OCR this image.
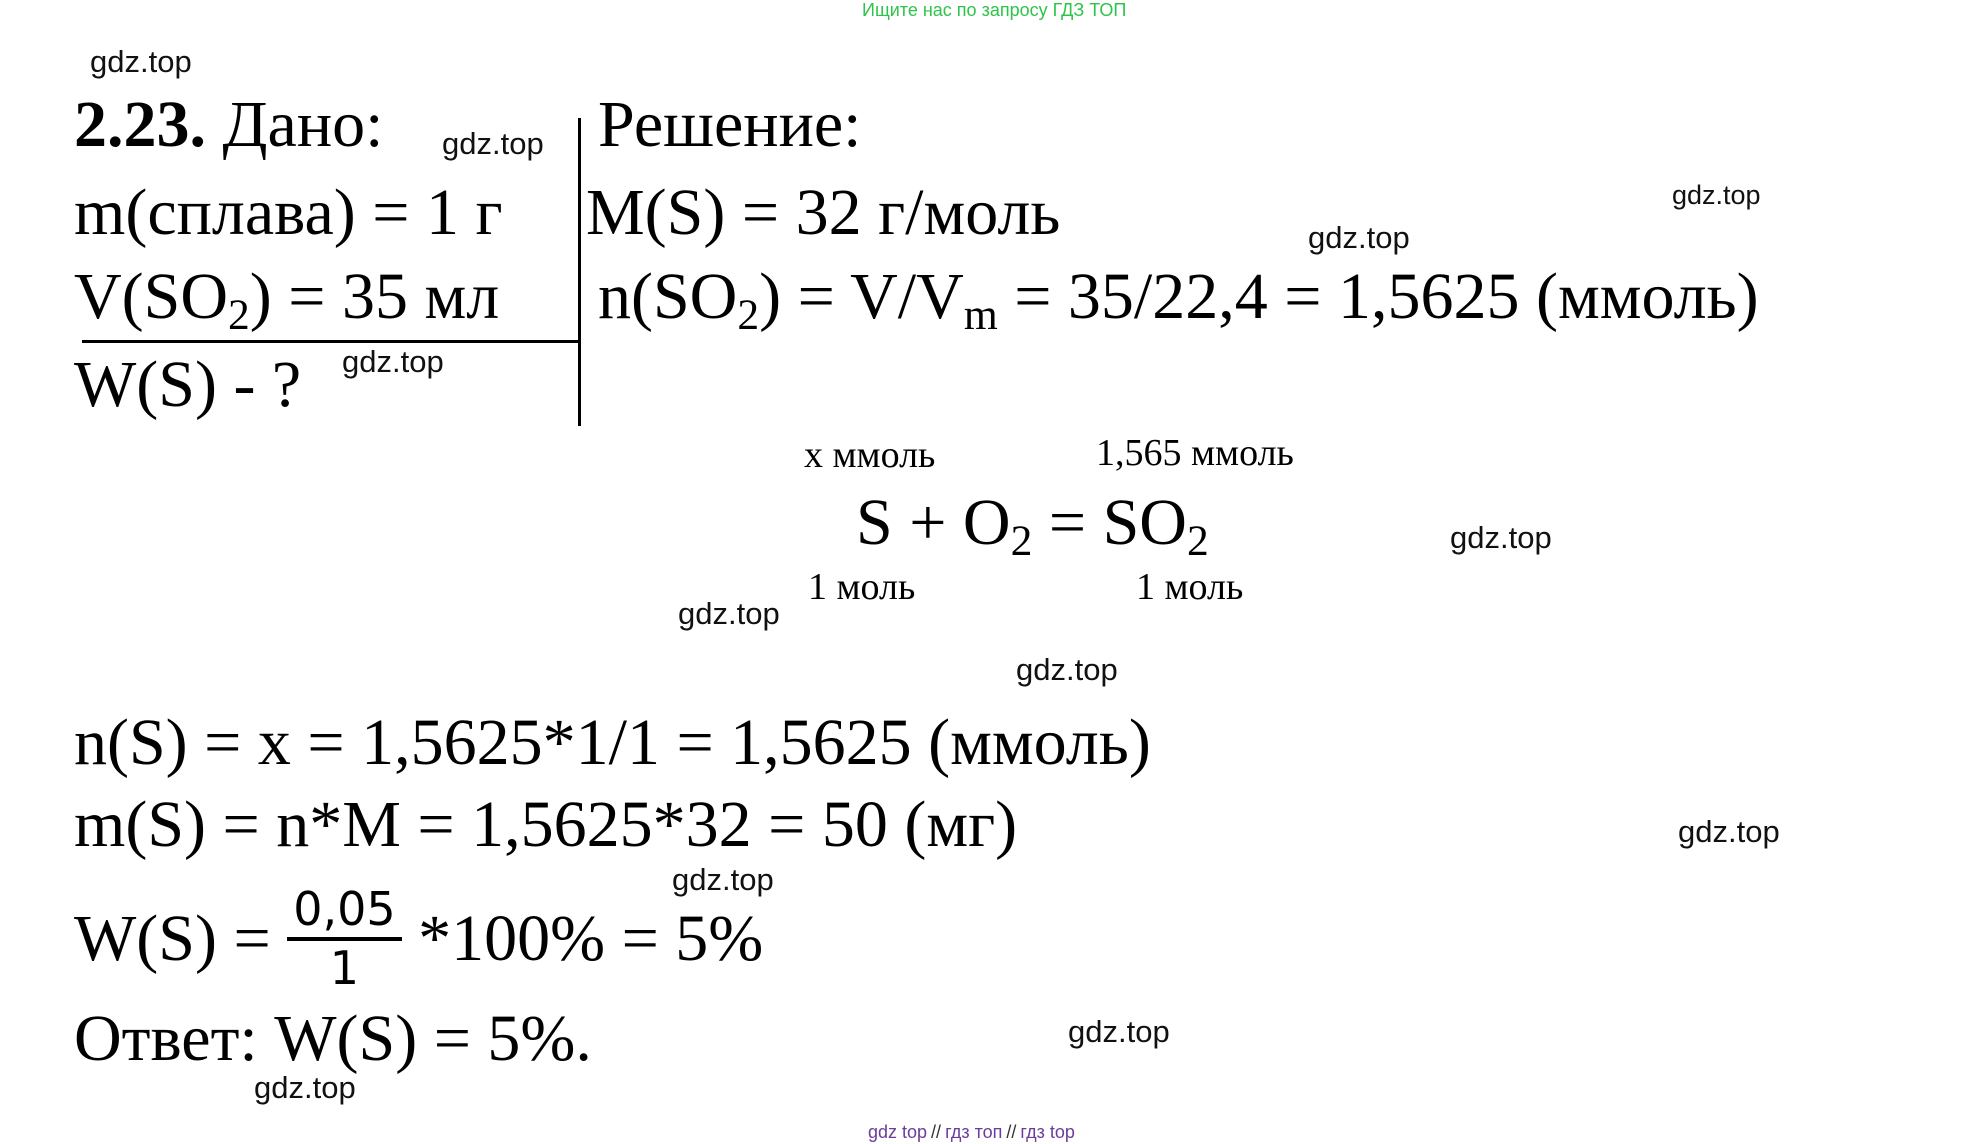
Ищите нас по запросу ГДЗ ТОП
2.23. Дано:
m(сплава) = 1 г
$V(SO_2) = 35$ мл
W(S) - ?
Решение:
M(S) = 32 г/моль
$n(SO_2) = V/V_m = 35/22,4 = 1,5625$ (ммоль)
x ммоль	1,565 ммоль
$S + O_2 = SO_2$
1 моль	1 моль
n(S) = x = 1,5625*1/1 = 1,5625 (ммоль)
m(S) = n*M = 1,5625*32 = 50 (мг)
$W(S) = \frac{0,05}{1} *100\% = 5\%$
Ответ: W(S) = 5%.
gdz.top
gdz.top
gdz.top
gdz.top
gdz.top
gdz.top
gdz.top
gdz.top
gdz.top
gdz.top
gdz.top
gdz.top
gdz top // гдз топ // гдз top
